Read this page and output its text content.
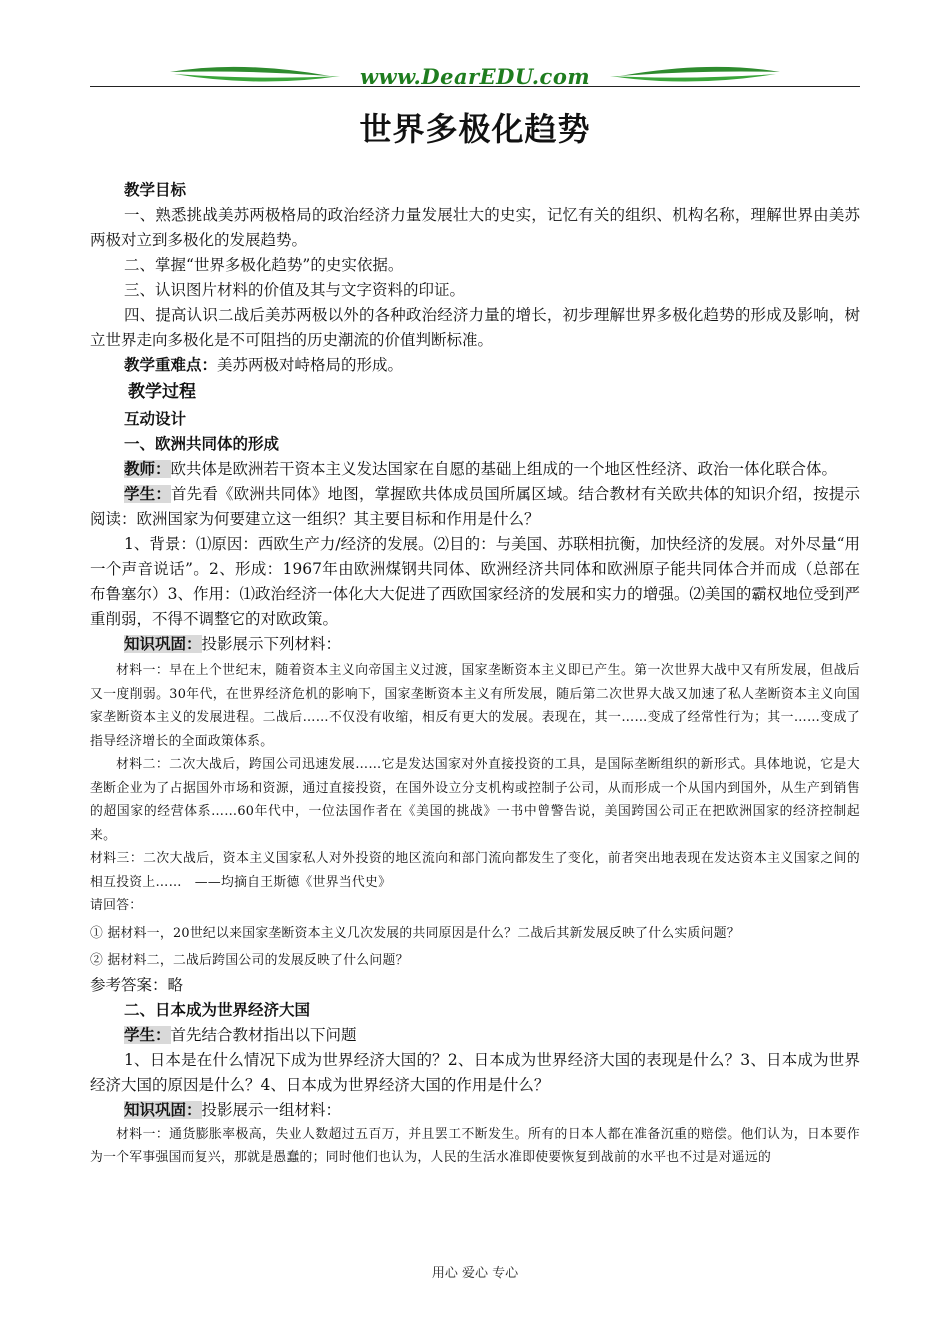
www.DearEDU.com
世界多极化趋势

教学目标

一、熟悉挑战美苏两极格局的政治经济力量发展壮大的史实，记忆有关的组织、机构名称，理解世界由美苏两极对立到多极化的发展趋势。

二、掌握“世界多极化趋势”的史实依据。

三、认识图片材料的价值及其与文字资料的印证。

四、提高认识二战后美苏两极以外的各种政治经济力量的增长，初步理解世界多极化趋势的形成及影响，树立世界走向多极化是不可阻挡的历史潮流的价值判断标准。

教学重难点：美苏两极对峙格局的形成。

教学过程

互动设计

一、欧洲共同体的形成

教师：欧共体是欧洲若干资本主义发达国家在自愿的基础上组成的一个地区性经济、政治一体化联合体。

学生：首先看《欧洲共同体》地图，掌握欧共体成员国所属区域。结合教材有关欧共体的知识介绍，按提示阅读：欧洲国家为何要建立这一组织？其主要目标和作用是什么？

1、背景：⑴原因：西欧生产力/经济的发展。⑵目的：与美国、苏联相抗衡，加快经济的发展。对外尽量“用一个声音说话”。2、形成：1967年由欧洲煤钢共同体、欧洲经济共同体和欧洲原子能共同体合并而成（总部在布鲁塞尔）3、作用：⑴政治经济一体化大大促进了西欧国家经济的发展和实力的增强。⑵美国的霸权地位受到严重削弱，不得不调整它的对欧政策。

知识巩固：投影展示下列材料：

材料一：早在上个世纪末，随着资本主义向帝国主义过渡，国家垄断资本主义即已产生。第一次世界大战中又有所发展，但战后又一度削弱。30年代，在世界经济危机的影响下，国家垄断资本主义有所发展，随后第二次世界大战又加速了私人垄断资本主义向国家垄断资本主义的发展进程。二战后……不仅没有收缩，相反有更大的发展。表现在，其一……变成了经常性行为；其一……变成了指导经济增长的全面政策体系。

材料二：二次大战后，跨国公司迅速发展……它是发达国家对外直接投资的工具，是国际垄断组织的新形式。具体地说，它是大垄断企业为了占据国外市场和资源，通过直接投资，在国外设立分支机构或控制子公司，从而形成一个从国内到国外，从生产到销售的超国家的经营体系……60年代中，一位法国作者在《美国的挑战》一书中曾警告说，美国跨国公司正在把欧洲国家的经济控制起来。

材料三：二次大战后，资本主义国家私人对外投资的地区流向和部门流向都发生了变化，前者突出地表现在发达资本主义国家之间的相互投资上……　——均摘自王斯德《世界当代史》

请回答：

① 据材料一，20世纪以来国家垄断资本主义几次发展的共同原因是什么？二战后其新发展反映了什么实质问题？

② 据材料二，二战后跨国公司的发展反映了什么问题？

参考答案：略

二、日本成为世界经济大国

学生：首先结合教材指出以下问题

1、日本是在什么情况下成为世界经济大国的？2、日本成为世界经济大国的表现是什么？3、日本成为世界经济大国的原因是什么？4、日本成为世界经济大国的作用是什么？

知识巩固：投影展示一组材料：

材料一：通货膨胀率极高，失业人数超过五百万，并且罢工不断发生。所有的日本人都在准备沉重的赔偿。他们认为，日本要作为一个军事强国而复兴，那就是愚蠢的；同时他们也认为，人民的生活水准即使要恢复到战前的水平也不过是对遥远的

用心 爱心 专心
